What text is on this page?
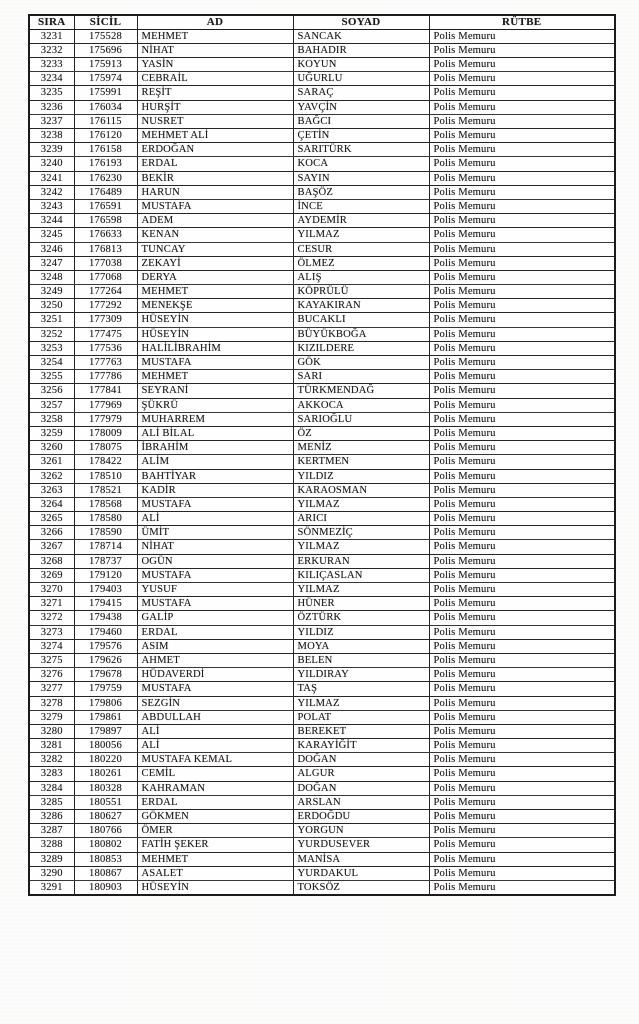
SIRA	SİCİL	AD	SOYAD	RÜTBE
3231	175528	MEHMET	SANCAK	Polis Memuru
3232	175696	NİHAT	BAHADIR	Polis Memuru
3233	175913	YASİN	KOYUN	Polis Memuru
3234	175974	CEBRAİL	UĞURLU	Polis Memuru
3235	175991	REŞİT	SARAÇ	Polis Memuru
3236	176034	HURŞİT	YAVÇİN	Polis Memuru
3237	176115	NUSRET	BAĞCI	Polis Memuru
3238	176120	MEHMET ALİ	ÇETİN	Polis Memuru
3239	176158	ERDOĞAN	SARITÜRK	Polis Memuru
3240	176193	ERDAL	KOCA	Polis Memuru
3241	176230	BEKİR	SAYIN	Polis Memuru
3242	176489	HARUN	BAŞÖZ	Polis Memuru
3243	176591	MUSTAFA	İNCE	Polis Memuru
3244	176598	ADEM	AYDEMİR	Polis Memuru
3245	176633	KENAN	YILMAZ	Polis Memuru
3246	176813	TUNCAY	CESUR	Polis Memuru
3247	177038	ZEKAYİ	ÖLMEZ	Polis Memuru
3248	177068	DERYA	ALIŞ	Polis Memuru
3249	177264	MEHMET	KÖPRÜLÜ	Polis Memuru
3250	177292	MENEKŞE	KAYAKIRAN	Polis Memuru
3251	177309	HÜSEYİN	BUCAKLI	Polis Memuru
3252	177475	HÜSEYİN	BÜYÜKBOĞA	Polis Memuru
3253	177536	HALİLİBRAHİM	KIZILDERE	Polis Memuru
3254	177763	MUSTAFA	GÖK	Polis Memuru
3255	177786	MEHMET	SARI	Polis Memuru
3256	177841	SEYRANİ	TÜRKMENDAĞ	Polis Memuru
3257	177969	ŞÜKRÜ	AKKOCA	Polis Memuru
3258	177979	MUHARREM	SARIOĞLU	Polis Memuru
3259	178009	ALİ BİLAL	ÖZ	Polis Memuru
3260	178075	İBRAHİM	MENİZ	Polis Memuru
3261	178422	ALİM	KERTMEN	Polis Memuru
3262	178510	BAHTİYAR	YILDIZ	Polis Memuru
3263	178521	KADİR	KARAOSMAN	Polis Memuru
3264	178568	MUSTAFA	YILMAZ	Polis Memuru
3265	178580	ALİ	ARICI	Polis Memuru
3266	178590	ÜMİT	SÖNMEZİÇ	Polis Memuru
3267	178714	NİHAT	YILMAZ	Polis Memuru
3268	178737	OGÜN	ERKURAN	Polis Memuru
3269	179120	MUSTAFA	KILIÇASLAN	Polis Memuru
3270	179403	YUSUF	YILMAZ	Polis Memuru
3271	179415	MUSTAFA	HÜNER	Polis Memuru
3272	179438	GALİP	ÖZTÜRK	Polis Memuru
3273	179460	ERDAL	YILDIZ	Polis Memuru
3274	179576	ASIM	MOYA	Polis Memuru
3275	179626	AHMET	BELEN	Polis Memuru
3276	179678	HÜDAVERDİ	YILDIRAY	Polis Memuru
3277	179759	MUSTAFA	TAŞ	Polis Memuru
3278	179806	SEZGİN	YILMAZ	Polis Memuru
3279	179861	ABDULLAH	POLAT	Polis Memuru
3280	179897	ALİ	BEREKET	Polis Memuru
3281	180056	ALİ	KARAYİĞİT	Polis Memuru
3282	180220	MUSTAFA KEMAL	DOĞAN	Polis Memuru
3283	180261	CEMİL	ALGUR	Polis Memuru
3284	180328	KAHRAMAN	DOĞAN	Polis Memuru
3285	180551	ERDAL	ARSLAN	Polis Memuru
3286	180627	GÖKMEN	ERDOĞDU	Polis Memuru
3287	180766	ÖMER	YORGUN	Polis Memuru
3288	180802	FATİH ŞEKER	YURDUSEVER	Polis Memuru
3289	180853	MEHMET	MANİSA	Polis Memuru
3290	180867	ASALET	YURDAKUL	Polis Memuru
3291	180903	HÜSEYİN	TOKSÖZ	Polis Memuru
